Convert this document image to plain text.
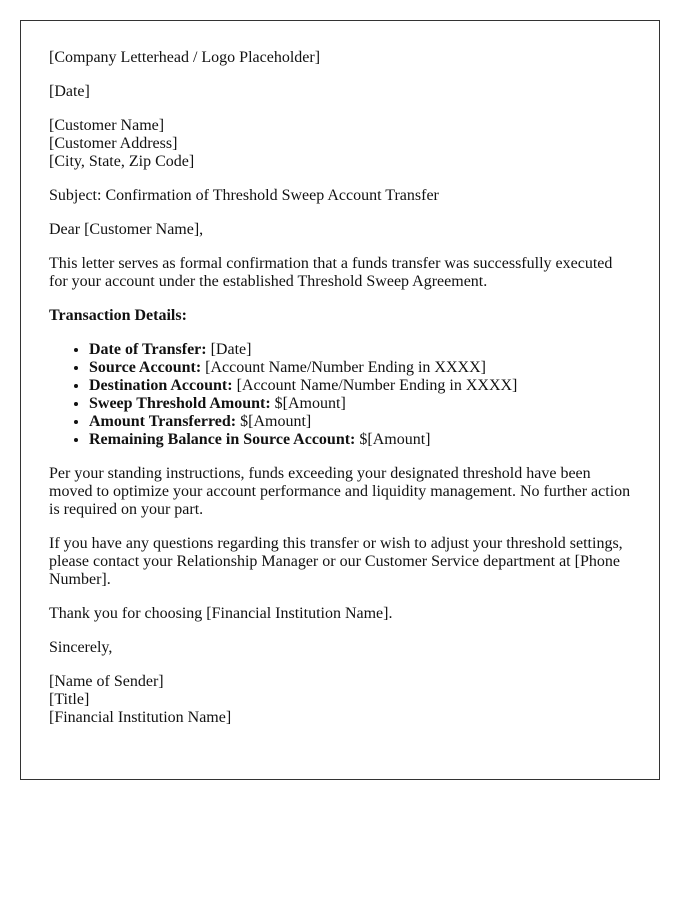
[Company Letterhead / Logo Placeholder]

[Date]

[Customer Name]
[Customer Address]
[City, State, Zip Code]

Subject: Confirmation of Threshold Sweep Account Transfer

Dear [Customer Name],

This letter serves as formal confirmation that a funds transfer was successfully executed for your account under the established Threshold Sweep Agreement.

Transaction Details:

• Date of Transfer: [Date]
• Source Account: [Account Name/Number Ending in XXXX]
• Destination Account: [Account Name/Number Ending in XXXX]
• Sweep Threshold Amount: $[Amount]
• Amount Transferred: $[Amount]
• Remaining Balance in Source Account: $[Amount]

Per your standing instructions, funds exceeding your designated threshold have been moved to optimize your account performance and liquidity management. No further action is required on your part.

If you have any questions regarding this transfer or wish to adjust your threshold settings, please contact your Relationship Manager or our Customer Service department at [Phone Number].

Thank you for choosing [Financial Institution Name].

Sincerely,

[Name of Sender]
[Title]
[Financial Institution Name]
